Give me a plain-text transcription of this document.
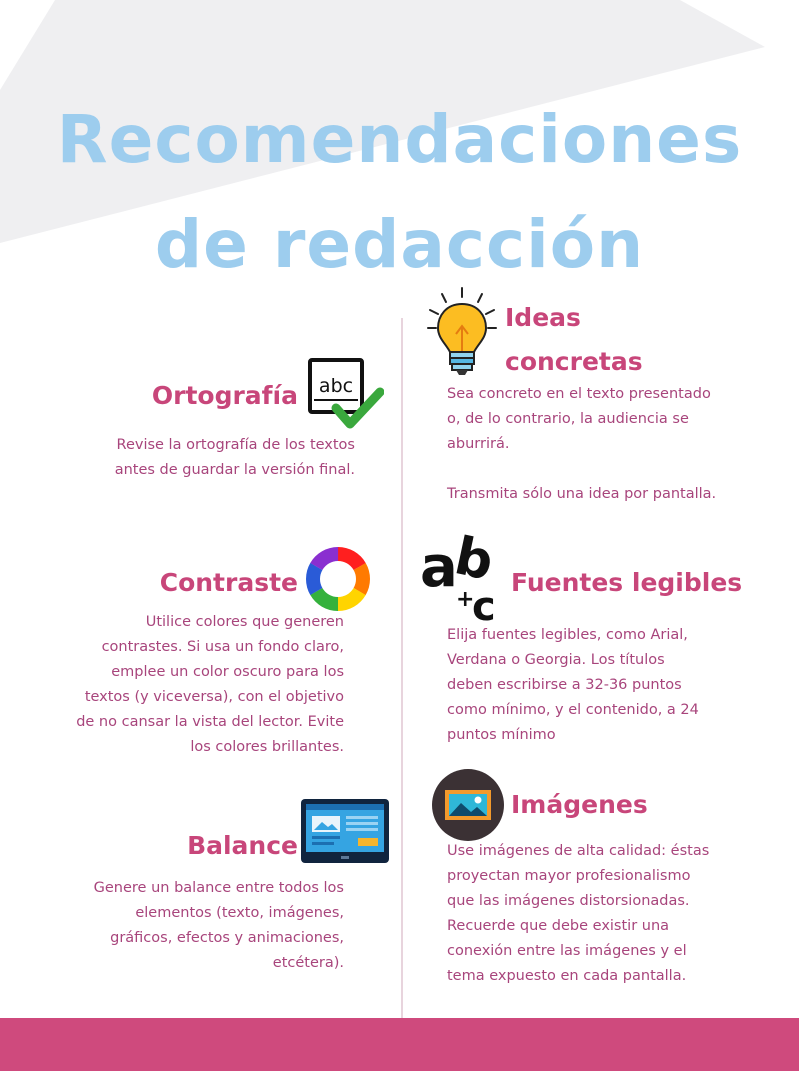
Recomendaciones
de redacción
Ortografía abc
Revise la ortografía de los textos
antes de guardar la versión final.
Contraste
Utilice colores que generen
contrastes. Si usa un fondo claro,
emplee un color oscuro para los
textos (y viceversa), con el objetivo
de no cansar la vista del lector. Evite
los colores brillantes.
Balance
Genere un balance entre todos los
elementos (texto, imágenes,
gráficos, efectos y animaciones,
etcétera).
Ideas
concretas
Sea concreto en el texto presentado
o, de lo contrario, la audiencia se
aburrirá.
Transmita sólo una idea por pantalla.
a
b
+
c
Fuentes legibles
Elija fuentes legibles, como Arial,
Verdana o Georgia. Los títulos
deben escribirse a 32-36 puntos
como mínimo, y el contenido, a 24
puntos mínimo
Imágenes
Use imágenes de alta calidad: éstas
proyectan mayor profesionalismo
que las imágenes distorsionadas.
Recuerde que debe existir una
conexión entre las imágenes y el
tema expuesto en cada pantalla.
